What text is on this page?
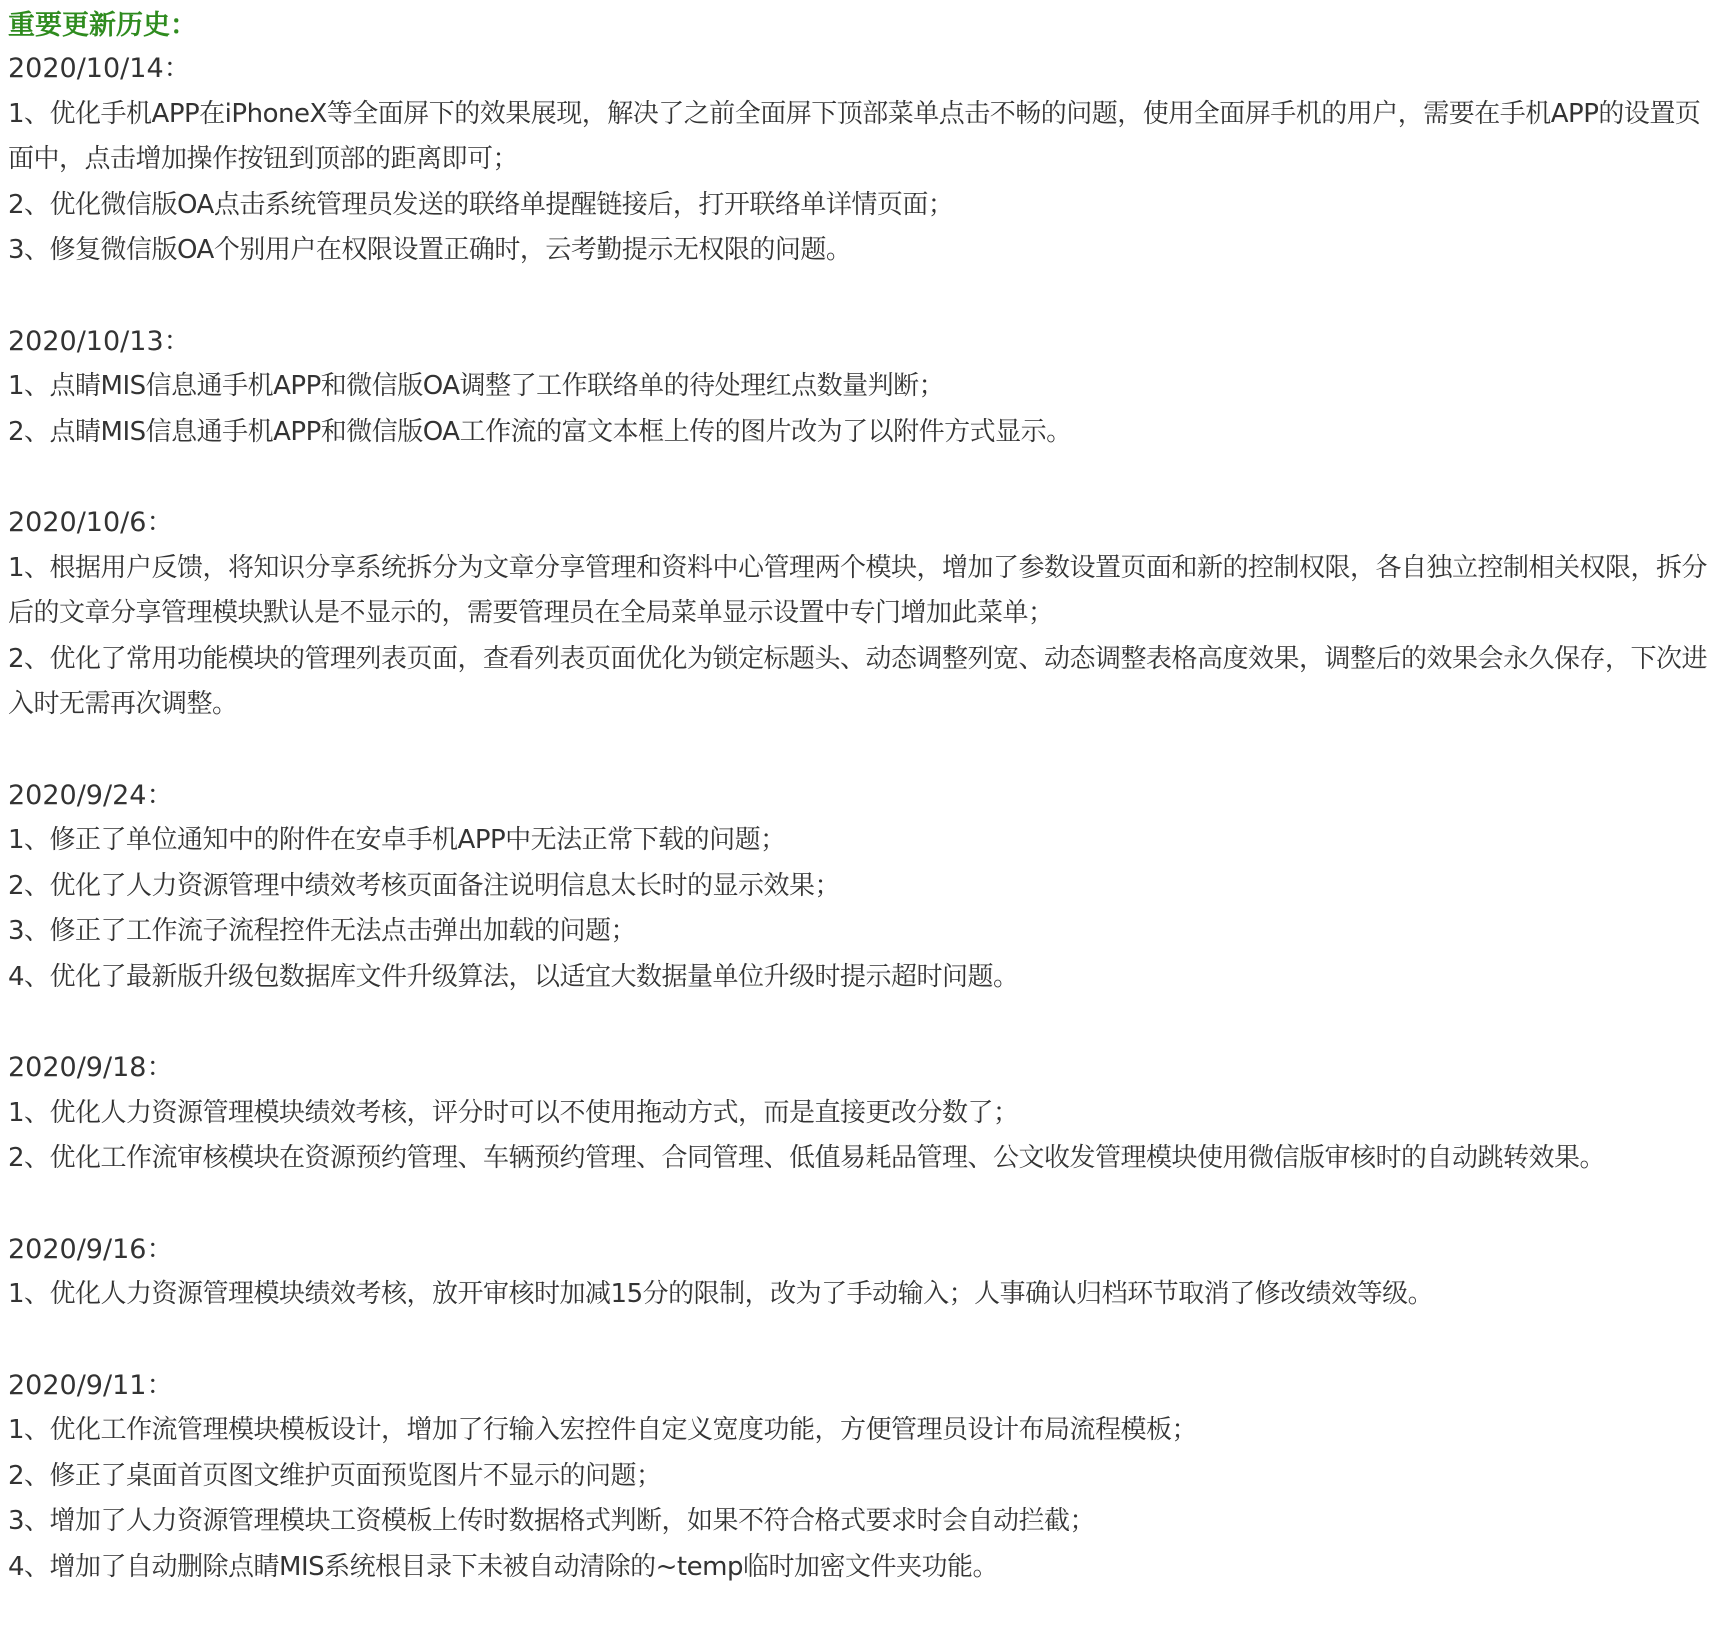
重要更新历史：

2020/10/14：

1、优化手机APP在iPhoneX等全面屏下的效果展现，解决了之前全面屏下顶部菜单点击不畅的问题，使用全面屏手机的用户，需要在手机APP的设置页面中，点击增加操作按钮到顶部的距离即可；

2、优化微信版OA点击系统管理员发送的联络单提醒链接后，打开联络单详情页面；

3、修复微信版OA个别用户在权限设置正确时，云考勤提示无权限的问题。

2020/10/13：

1、点睛MIS信息通手机APP和微信版OA调整了工作联络单的待处理红点数量判断；

2、点睛MIS信息通手机APP和微信版OA工作流的富文本框上传的图片改为了以附件方式显示。

2020/10/6：

1、根据用户反馈，将知识分享系统拆分为文章分享管理和资料中心管理两个模块，增加了参数设置页面和新的控制权限，各自独立控制相关权限，拆分后的文章分享管理模块默认是不显示的，需要管理员在全局菜单显示设置中专门增加此菜单；

2、优化了常用功能模块的管理列表页面，查看列表页面优化为锁定标题头、动态调整列宽、动态调整表格高度效果，调整后的效果会永久保存，下次进入时无需再次调整。

2020/9/24：

1、修正了单位通知中的附件在安卓手机APP中无法正常下载的问题；

2、优化了人力资源管理中绩效考核页面备注说明信息太长时的显示效果；

3、修正了工作流子流程控件无法点击弹出加载的问题；

4、优化了最新版升级包数据库文件升级算法，以适宜大数据量单位升级时提示超时问题。

2020/9/18：

1、优化人力资源管理模块绩效考核，评分时可以不使用拖动方式，而是直接更改分数了；

2、优化工作流审核模块在资源预约管理、车辆预约管理、合同管理、低值易耗品管理、公文收发管理模块使用微信版审核时的自动跳转效果。

2020/9/16：

1、优化人力资源管理模块绩效考核，放开审核时加减15分的限制，改为了手动输入；人事确认归档环节取消了修改绩效等级。

2020/9/11：

1、优化工作流管理模块模板设计，增加了行输入宏控件自定义宽度功能，方便管理员设计布局流程模板；

2、修正了桌面首页图文维护页面预览图片不显示的问题；

3、增加了人力资源管理模块工资模板上传时数据格式判断，如果不符合格式要求时会自动拦截；

4、增加了自动删除点睛MIS系统根目录下未被自动清除的~temp临时加密文件夹功能。
